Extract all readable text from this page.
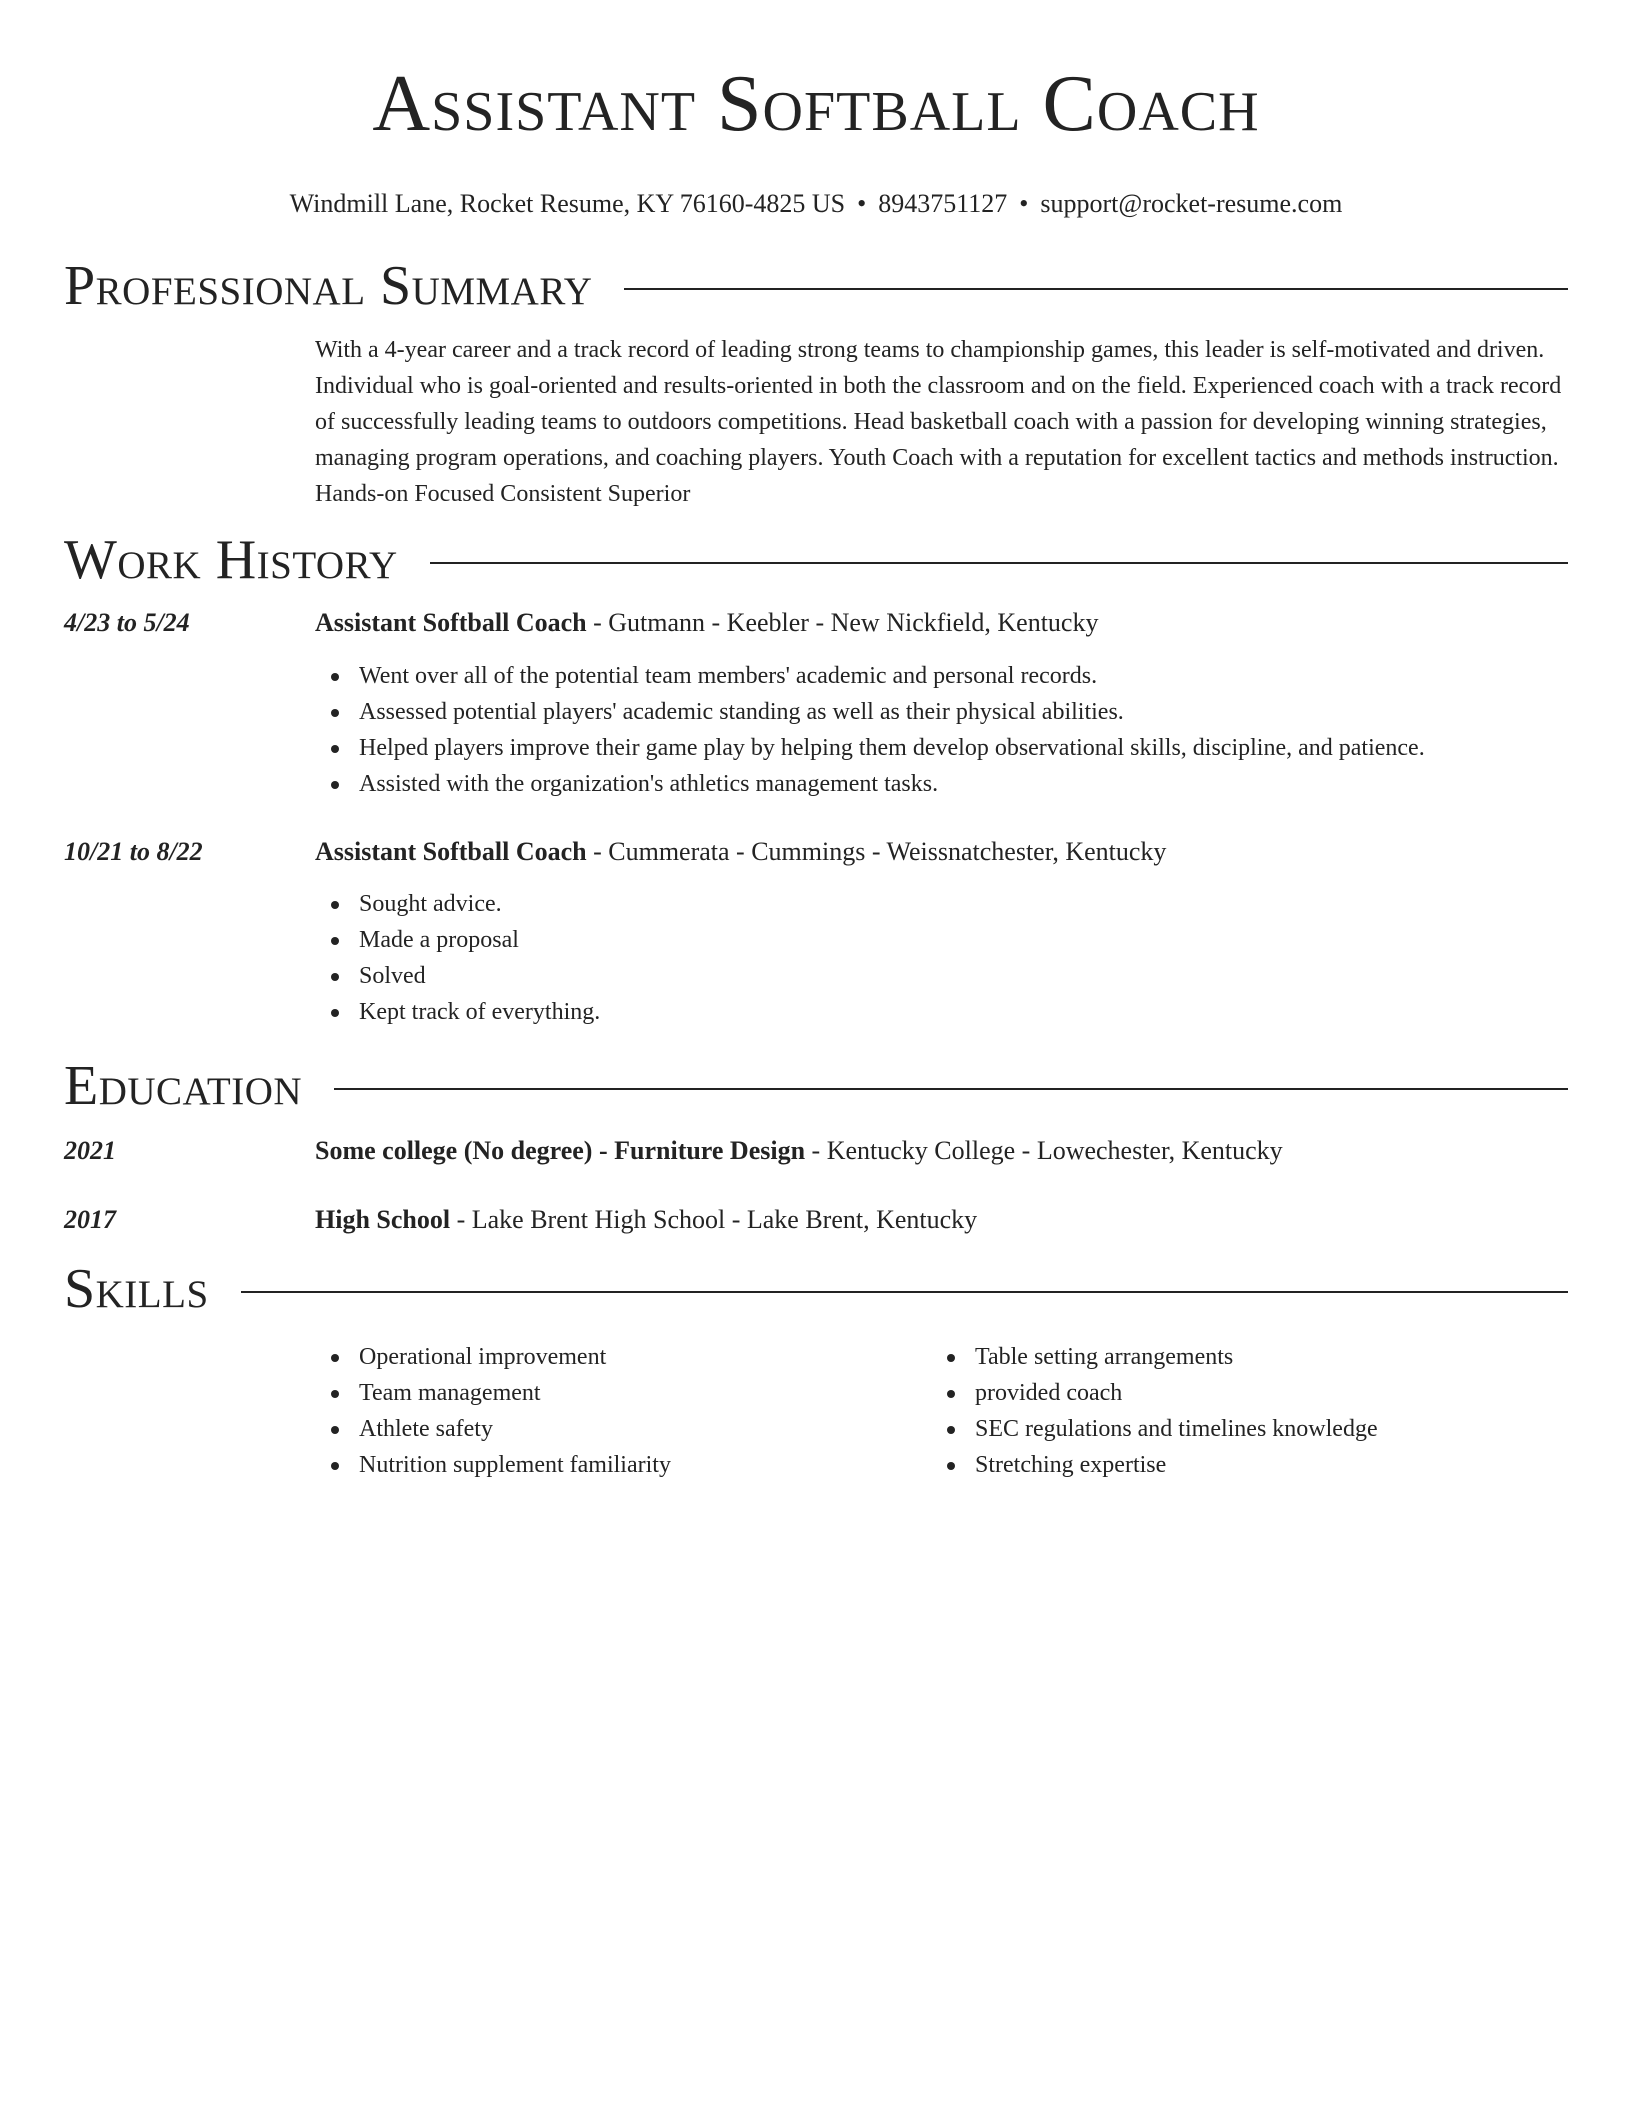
Assistant Softball Coach
Windmill Lane, Rocket Resume, KY 76160-4825 US • 8943751127 • support@rocket-resume.com
Professional Summary
With a 4-year career and a track record of leading strong teams to championship games, this leader is self-motivated and driven. Individual who is goal-oriented and results-oriented in both the classroom and on the field. Experienced coach with a track record of successfully leading teams to outdoors competitions. Head basketball coach with a passion for developing winning strategies, managing program operations, and coaching players. Youth Coach with a reputation for excellent tactics and methods instruction. Hands-on Focused Consistent Superior
Work History
4/23 to 5/24	Assistant Softball Coach - Gutmann - Keebler - New Nickfield, Kentucky
Went over all of the potential team members' academic and personal records.
Assessed potential players' academic standing as well as their physical abilities.
Helped players improve their game play by helping them develop observational skills, discipline, and patience.
Assisted with the organization's athletics management tasks.
10/21 to 8/22	Assistant Softball Coach - Cummerata - Cummings - Weissnatchester, Kentucky
Sought advice.
Made a proposal
Solved
Kept track of everything.
Education
2021	Some college (No degree) - Furniture Design - Kentucky College - Lowechester, Kentucky
2017	High School - Lake Brent High School - Lake Brent, Kentucky
Skills
Operational improvement
Team management
Athlete safety
Nutrition supplement familiarity
Table setting arrangements
provided coach
SEC regulations and timelines knowledge
Stretching expertise
